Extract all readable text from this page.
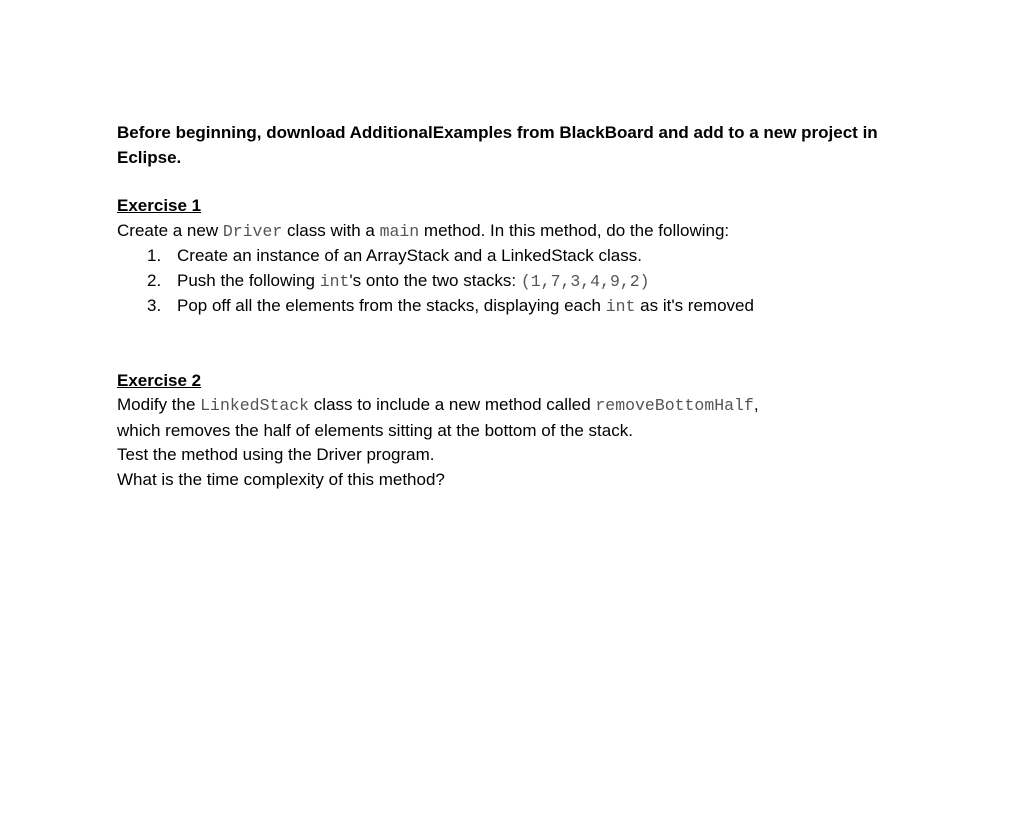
Before beginning, download AdditionalExamples from BlackBoard and add to a new project in Eclipse.

Exercise 1

Create a new Driver class with a main method. In this method, do the following:

1. Create an instance of an ArrayStack and a LinkedStack class.
2. Push the following int's onto the two stacks: (1,7,3,4,9,2)
3. Pop off all the elements from the stacks, displaying each int as it's removed

Exercise 2

Modify the LinkedStack class to include a new method called removeBottomHalf,

which removes the half of elements sitting at the bottom of the stack.

Test the method using the Driver program.

What is the time complexity of this method?
